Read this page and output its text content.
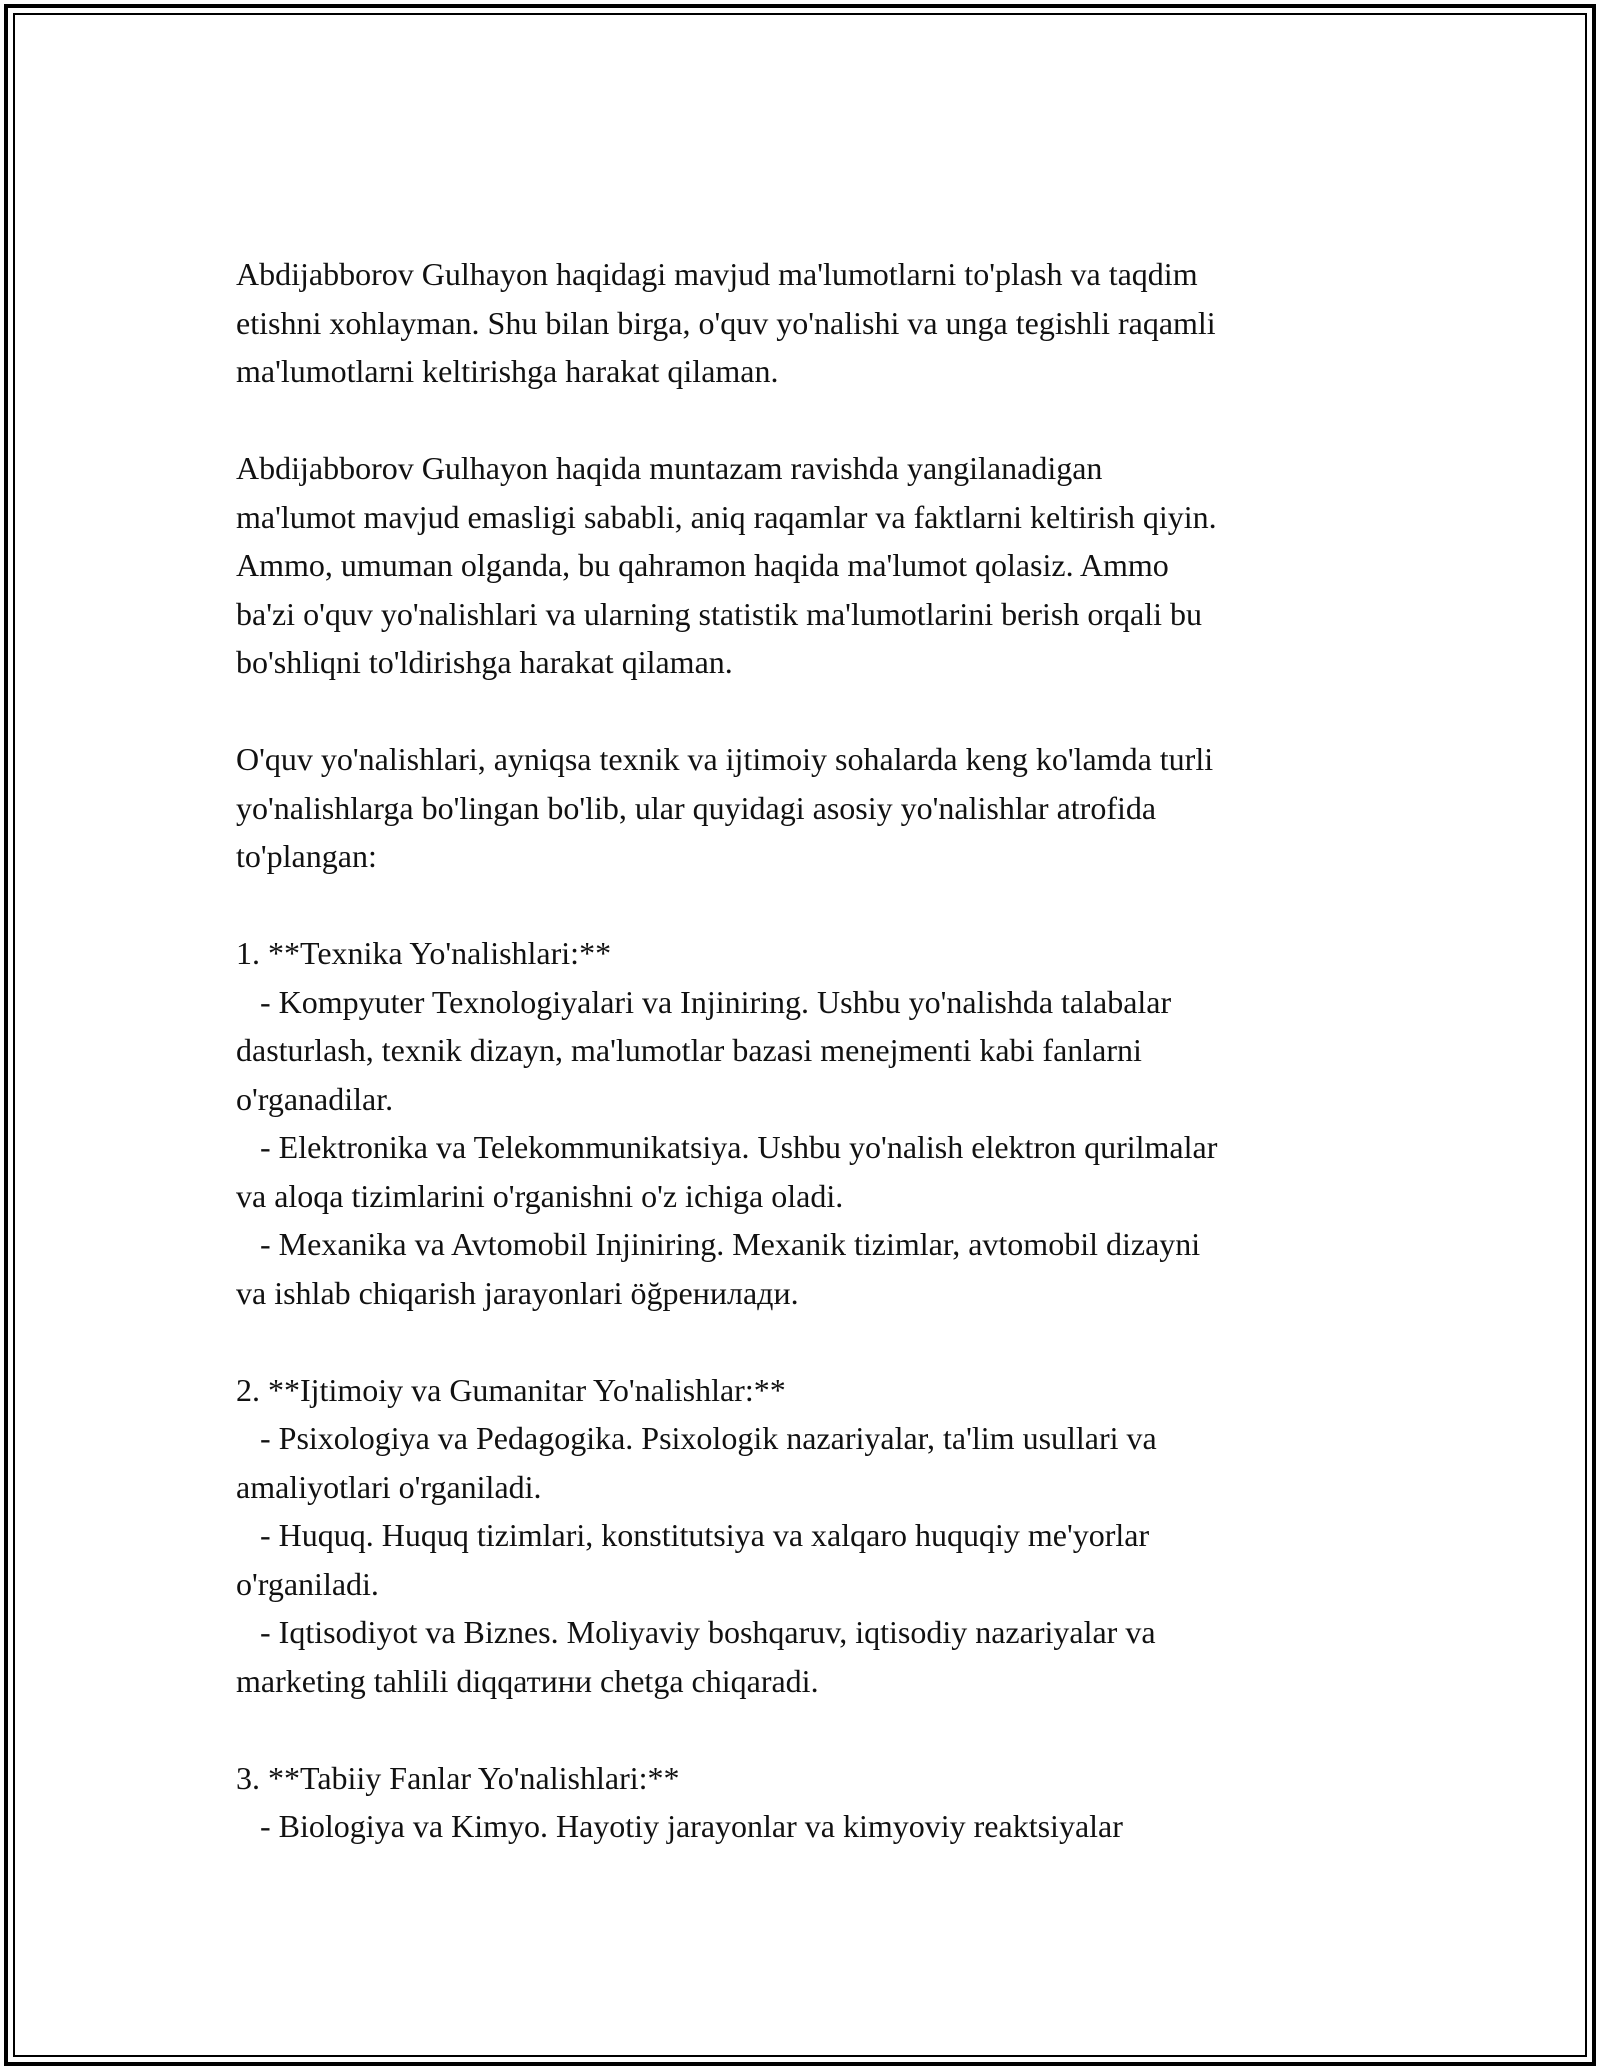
Abdijabborov Gulhayon haqidagi mavjud ma'lumotlarni to'plash va taqdim
etishni xohlayman. Shu bilan birga, o'quv yo'nalishi va unga tegishli raqamli
ma'lumotlarni keltirishga harakat qilaman.

Abdijabborov Gulhayon haqida muntazam ravishda yangilanadigan
ma'lumot mavjud emasligi sababli, aniq raqamlar va faktlarni keltirish qiyin.
Ammo, umuman olganda, bu qahramon haqida ma'lumot qolasiz. Ammo
ba'zi o'quv yo'nalishlari va ularning statistik ma'lumotlarini berish orqali bu
bo'shliqni to'ldirishga harakat qilaman.

O'quv yo'nalishlari, ayniqsa texnik va ijtimoiy sohalarda keng ko'lamda turli
yo'nalishlarga bo'lingan bo'lib, ular quyidagi asosiy yo'nalishlar atrofida
to'plangan:

1. **Texnika Yo'nalishlari:**

- Kompyuter Texnologiyalari va Injiniring. Ushbu yo'nalishda talabalar
dasturlash, texnik dizayn, ma'lumotlar bazasi menejmenti kabi fanlarni
o'rganadilar.

- Elektronika va Telekommunikatsiya. Ushbu yo'nalish elektron qurilmalar
va aloqa tizimlarini o'rganishni o'z ichiga oladi.

- Mexanika va Avtomobil Injiniring. Mexanik tizimlar, avtomobil dizayni
va ishlab chiqarish jarayonlari öğренилади.

2. **Ijtimoiy va Gumanitar Yo'nalishlar:**

- Psixologiya va Pedagogika. Psixologik nazariyalar, ta'lim usullari va
amaliyotlari o'rganiladi.

- Huquq. Huquq tizimlari, konstitutsiya va xalqaro huquqiy me'yorlar
o'rganiladi.

- Iqtisodiyot va Biznes. Moliyaviy boshqaruv, iqtisodiy nazariyalar va
marketing tahlili diqqатини chetga chiqaradi.

3. **Tabiiy Fanlar Yo'nalishlari:**

- Biologiya va Kimyo. Hayotiy jarayonlar va kimyoviy reaktsiyalar
